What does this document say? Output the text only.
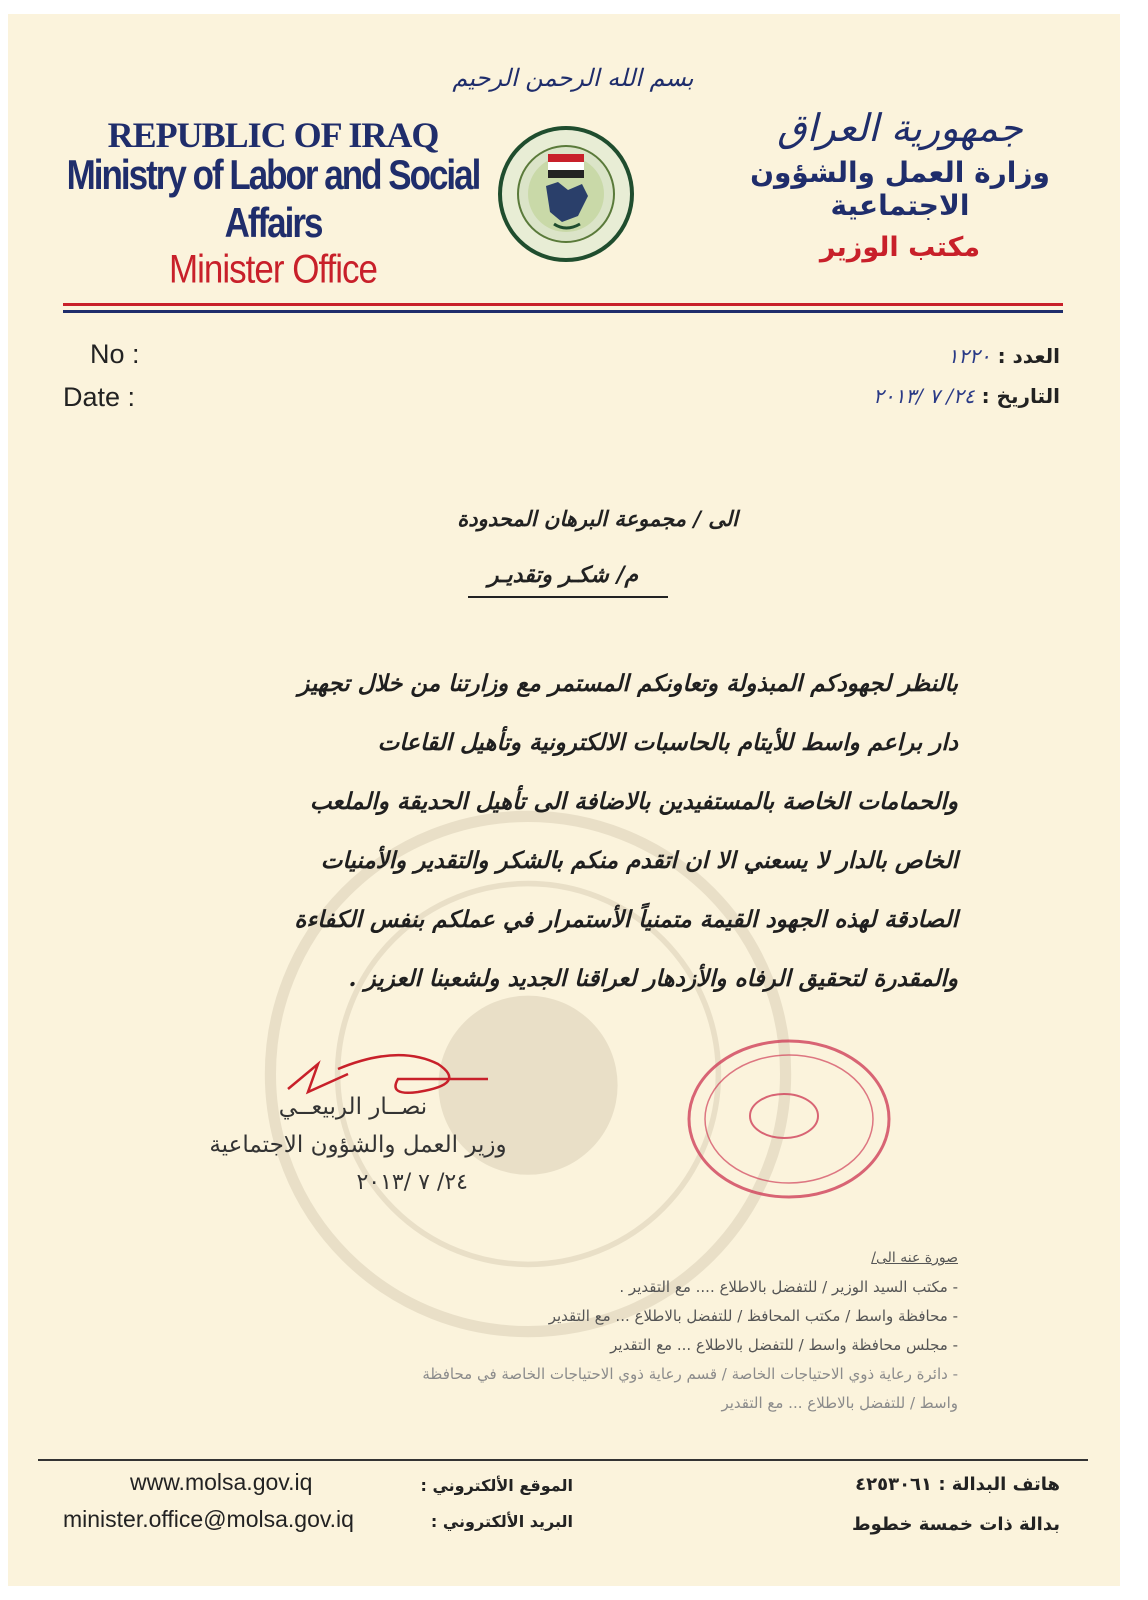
بسم الله الرحمن الرحيم
REPUBLIC OF IRAQ
Ministry of Labor and Social Affairs
Minister Office
جمهورية العراق
وزارة العمل والشؤون الاجتماعية
مكتب الوزير
No :
Date :
العدد : ١٢٢٠
التاريخ : ٢٤/ ٧ /٢٠١٣
الى / مجموعة البرهان المحدودة
م/ شكـر وتقديـر
بالنظر لجهودكم المبذولة وتعاونكم المستمر مع وزارتنا من خلال تجهيز
دار براعم واسط للأيتام بالحاسبات الالكترونية وتأهيل القاعات
والحمامات الخاصة بالمستفيدين بالاضافة الى تأهيل الحديقة والملعب
الخاص بالدار لا يسعني الا ان اتقدم منكم بالشكر والتقدير والأمنيات
الصادقة لهذه الجهود القيمة متمنياً الأستمرار في عملكم بنفس الكفاءة
والمقدرة لتحقيق الرفاه والأزدهار لعراقنا الجديد ولشعبنا العزيز .
نصــار الربيعــي
وزير العمل والشؤون الاجتماعية
٢٤/ ٧ /٢٠١٣
صورة عنه الى/
- مكتب السيد الوزير / للتفضل بالاطلاع .... مع التقدير .
- محافظة واسط / مكتب المحافظ / للتفضل بالاطلاع ... مع التقدير
- مجلس محافظة واسط / للتفضل بالاطلاع ... مع التقدير
- دائرة رعاية ذوي الاحتياجات الخاصة / قسم رعاية ذوي الاحتياجات الخاصة في محافظة
واسط / للتفضل بالاطلاع ... مع التقدير
www.molsa.gov.iq
minister.office@molsa.gov.iq
الموقع الألكتروني :
البريد الألكتروني :
هاتف البدالة : ٤٢٥٣٠٦١
بدالة ذات خمسة خطوط
